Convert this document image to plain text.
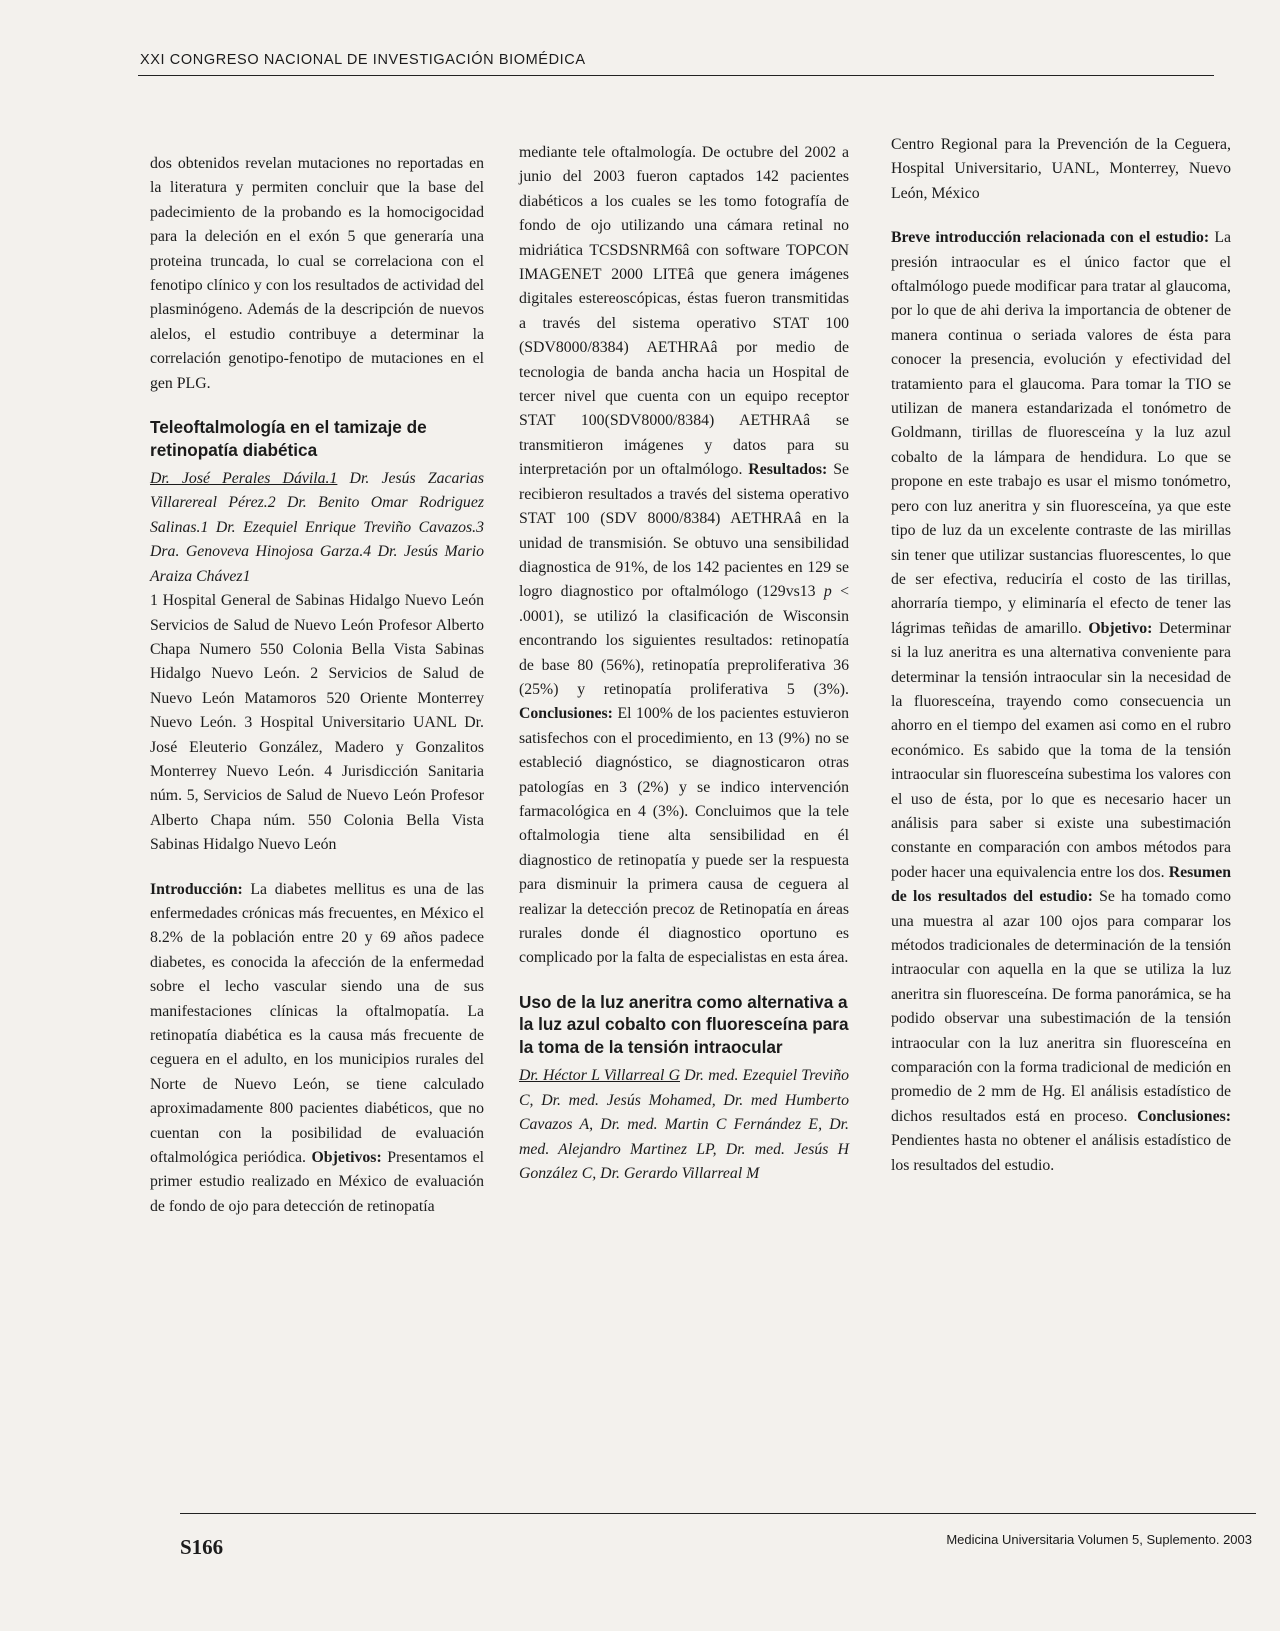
XXI CONGRESO NACIONAL DE INVESTIGACIÓN BIOMÉDICA

dos obtenidos revelan mutaciones no reportadas en la literatura y permiten concluir que la base del padecimiento de la probando es la homocigocidad para la deleción en el exón 5 que generaría una proteina truncada, lo cual se correlaciona con el fenotipo clínico y con los resultados de actividad del plasminógeno. Además de la descripción de nuevos alelos, el estudio contribuye a determinar la correlación genotipo-fenotipo de mutaciones en el gen PLG.

Teleoftalmología en el tamizaje de retinopatía diabética

Dr. José Perales Dávila.1 Dr. Jesús Zacarias Villarereal Pérez.2 Dr. Benito Omar Rodriguez Salinas.1 Dr. Ezequiel Enrique Treviño Cavazos.3 Dra. Genoveva Hinojosa Garza.4 Dr. Jesús Mario Araiza Chávez1

1 Hospital General de Sabinas Hidalgo Nuevo León Servicios de Salud de Nuevo León Profesor Alberto Chapa Numero 550 Colonia Bella Vista Sabinas Hidalgo Nuevo León. 2 Servicios de Salud de Nuevo León Matamoros 520 Oriente Monterrey Nuevo León. 3 Hospital Universitario UANL Dr. José Eleuterio González, Madero y Gonzalitos Monterrey Nuevo León. 4 Jurisdicción Sanitaria núm. 5, Servicios de Salud de Nuevo León Profesor Alberto Chapa núm. 550 Colonia Bella Vista Sabinas Hidalgo Nuevo León

Introducción: La diabetes mellitus es una de las enfermedades crónicas más frecuentes, en México el 8.2% de la población entre 20 y 69 años padece diabetes, es conocida la afección de la enfermedad sobre el lecho vascular siendo una de sus manifestaciones clínicas la oftalmopatía. La retinopatía diabética es la causa más frecuente de ceguera en el adulto, en los municipios rurales del Norte de Nuevo León, se tiene calculado aproximadamente 800 pacientes diabéticos, que no cuentan con la posibilidad de evaluación oftalmológica periódica. Objetivos: Presentamos el primer estudio realizado en México de evaluación de fondo de ojo para detección de retinopatía

mediante tele oftalmología. De octubre del 2002 a junio del 2003 fueron captados 142 pacientes diabéticos a los cuales se les tomo fotografía de fondo de ojo utilizando una cámara retinal no midriática TCSDSNRM6â con software TOPCON IMAGENET 2000 LITEâ que genera imágenes digitales estereoscópicas, éstas fueron transmitidas a través del sistema operativo STAT 100 (SDV8000/8384) AETHRAâ por medio de tecnologia de banda ancha hacia un Hospital de tercer nivel que cuenta con un equipo receptor STAT 100(SDV8000/8384) AETHRAâ se transmitieron imágenes y datos para su interpretación por un oftalmólogo. Resultados: Se recibieron resultados a través del sistema operativo STAT 100 (SDV 8000/8384) AETHRAâ en la unidad de transmisión. Se obtuvo una sensibilidad diagnostica de 91%, de los 142 pacientes en 129 se logro diagnostico por oftalmólogo (129vs13 p < .0001), se utilizó la clasificación de Wisconsin encontrando los siguientes resultados: retinopatía de base 80 (56%), retinopatía preproliferativa 36 (25%) y retinopatía proliferativa 5 (3%). Conclusiones: El 100% de los pacientes estuvieron satisfechos con el procedimiento, en 13 (9%) no se estableció diagnóstico, se diagnosticaron otras patologías en 3 (2%) y se indico intervención farmacológica en 4 (3%). Concluimos que la tele oftalmologia tiene alta sensibilidad en él diagnostico de retinopatía y puede ser la respuesta para disminuir la primera causa de ceguera al realizar la detección precoz de Retinopatía en áreas rurales donde él diagnostico oportuno es complicado por la falta de especialistas en esta área.

Uso de la luz aneritra como alternativa a la luz azul cobalto con fluoresceína para la toma de la tensión intraocular

Dr. Héctor L Villarreal G Dr. med. Ezequiel Treviño C, Dr. med. Jesús Mohamed, Dr. med Humberto Cavazos A, Dr. med. Martin C Fernández E, Dr. med. Alejandro Martinez LP, Dr. med. Jesús H González C, Dr. Gerardo Villarreal M

Centro Regional para la Prevención de la Ceguera, Hospital Universitario, UANL, Monterrey, Nuevo León, México

Breve introducción relacionada con el estudio: La presión intraocular es el único factor que el oftalmólogo puede modificar para tratar al glaucoma, por lo que de ahi deriva la importancia de obtener de manera continua o seriada valores de ésta para conocer la presencia, evolución y efectividad del tratamiento para el glaucoma. Para tomar la TIO se utilizan de manera estandarizada el tonómetro de Goldmann, tirillas de fluoresceína y la luz azul cobalto de la lámpara de hendidura. Lo que se propone en este trabajo es usar el mismo tonómetro, pero con luz aneritra y sin fluoresceína, ya que este tipo de luz da un excelente contraste de las mirillas sin tener que utilizar sustancias fluorescentes, lo que de ser efectiva, reduciría el costo de las tirillas, ahorraría tiempo, y eliminaría el efecto de tener las lágrimas teñidas de amarillo. Objetivo: Determinar si la luz aneritra es una alternativa conveniente para determinar la tensión intraocular sin la necesidad de la fluoresceína, trayendo como consecuencia un ahorro en el tiempo del examen asi como en el rubro económico. Es sabido que la toma de la tensión intraocular sin fluoresceína subestima los valores con el uso de ésta, por lo que es necesario hacer un análisis para saber si existe una subestimación constante en comparación con ambos métodos para poder hacer una equivalencia entre los dos. Resumen de los resultados del estudio: Se ha tomado como una muestra al azar 100 ojos para comparar los métodos tradicionales de determinación de la tensión intraocular con aquella en la que se utiliza la luz aneritra sin fluoresceína. De forma panorámica, se ha podido observar una subestimación de la tensión intraocular con la luz aneritra sin fluoresceína en comparación con la forma tradicional de medición en promedio de 2 mm de Hg. El análisis estadístico de dichos resultados está en proceso. Conclusiones: Pendientes hasta no obtener el análisis estadístico de los resultados del estudio.

S166	Medicina Universitaria Volumen 5, Suplemento. 2003
